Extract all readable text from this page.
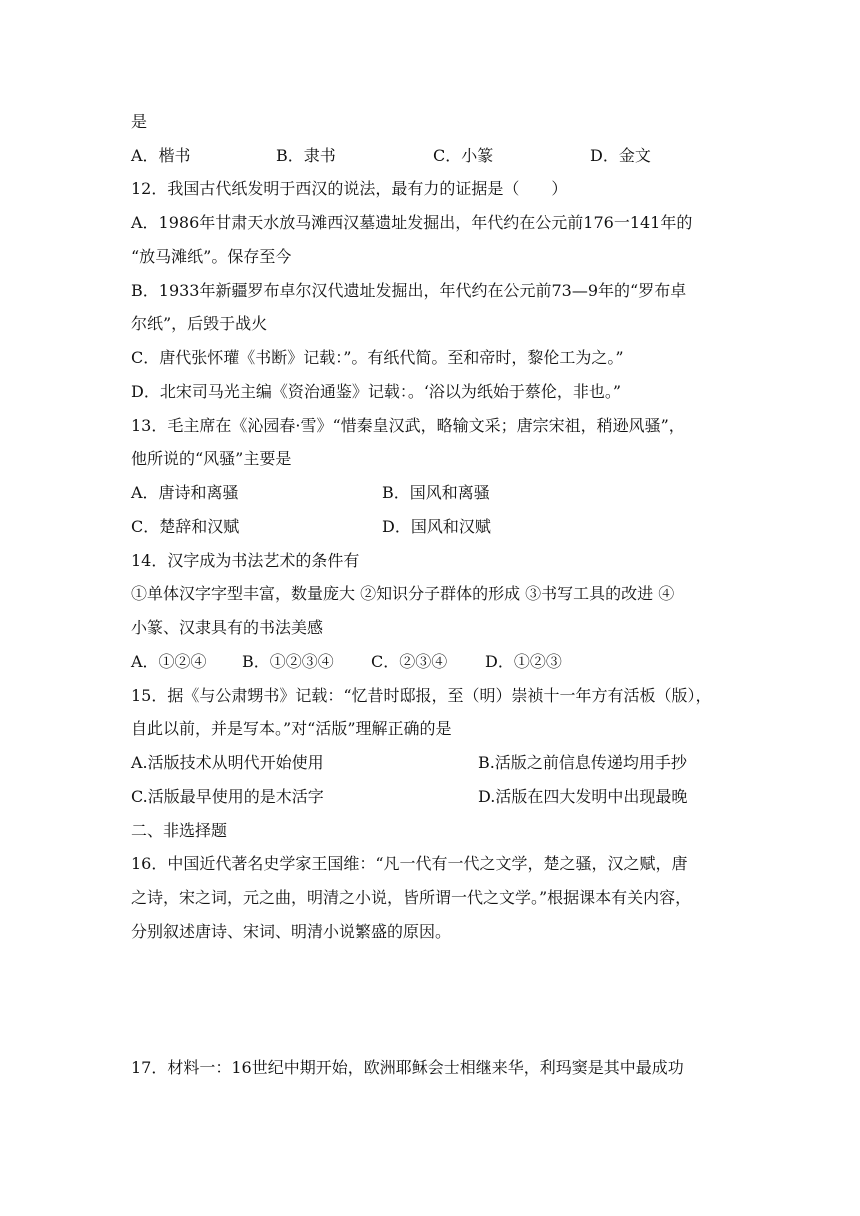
是
A．楷书	B．隶书	C．小篆	D．金文
12．我国古代纸发明于西汉的说法，最有力的证据是（　　）
A．1986年甘肃天水放马滩西汉墓遗址发掘出，年代约在公元前176一141年的
“放马滩纸”。保存至今
B．1933年新疆罗布卓尔汉代遗址发掘出，年代约在公元前73—9年的“罗布卓
尔纸”，后毁于战火
C．唐代张怀瓘《书断》记载：”。有纸代简。至和帝时，黎伦工为之。”
D．北宋司马光主编《资治通鉴》记载：。‘浴以为纸始于蔡伦，非也。”
13．毛主席在《沁园春·雪》“惜秦皇汉武，略输文采；唐宗宋祖，稍逊风骚”，
他所说的“风骚”主要是
A．唐诗和离骚	B．国风和离骚
C．楚辞和汉赋	D．国风和汉赋
14．汉字成为书法艺术的条件有
①单体汉字字型丰富，数量庞大 ②知识分子群体的形成 ③书写工具的改进 ④
小篆、汉隶具有的书法美感
A．①②④ B．①②③④ C．②③④ D．①②③
15．据《与公肃甥书》记载：“忆昔时邸报，至（明）崇祯十一年方有活板（版），
自此以前，并是写本。”对“活版”理解正确的是
A.活版技术从明代开始使用	B.活版之前信息传递均用手抄
C.活版最早使用的是木活字	D.活版在四大发明中出现最晚
二、非选择题
16．中国近代著名史学家王国维：“凡一代有一代之文学，楚之骚，汉之赋，唐
之诗，宋之词，元之曲，明清之小说，皆所谓一代之文学。”根据课本有关内容，
分别叙述唐诗、宋词、明清小说繁盛的原因。
17．材料一：16世纪中期开始，欧洲耶稣会士相继来华，利玛窦是其中最成功
